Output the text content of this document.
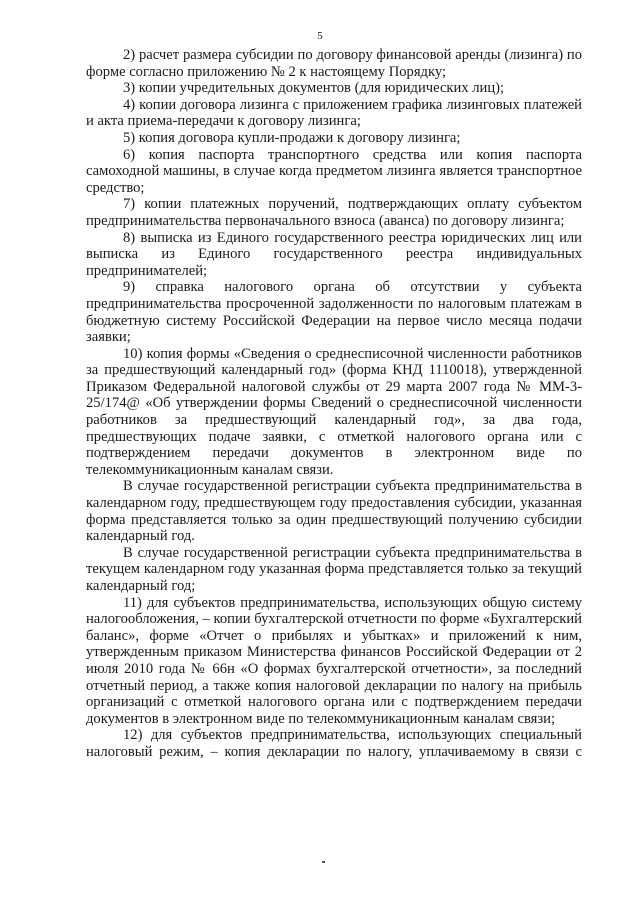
5

2) расчет размера субсидии по договору финансовой аренды (лизинга) по форме согласно приложению № 2 к настоящему Порядку;

3) копии учредительных документов (для юридических лиц);

4) копии договора лизинга с приложением графика лизинговых платежей и акта приема-передачи к договору лизинга;

5) копия договора купли-продажи к договору лизинга;

6) копия паспорта транспортного средства или копия паспорта самоходной машины, в случае когда предметом лизинга является транспортное средство;

7) копии платежных поручений, подтверждающих оплату субъектом предпринимательства первоначального взноса (аванса) по договору лизинга;

8) выписка из Единого государственного реестра юридических лиц или выписка из Единого государственного реестра индивидуальных предпринимателей;

9) справка налогового органа об отсутствии у субъекта предпринимательства просроченной задолженности по налоговым платежам в бюджетную систему Российской Федерации на первое число месяца подачи заявки;

10) копия формы «Сведения о среднесписочной численности работников за предшествующий календарный год» (форма КНД 1110018), утвержденной Приказом Федеральной налоговой службы от 29 марта 2007 года № ММ-3-25/174@ «Об утверждении формы Сведений о среднесписочной численности работников за предшествующий календарный год», за два года, предшествующих подаче заявки, с отметкой налогового органа или с подтверждением передачи документов в электронном виде по телекоммуникационным каналам связи.

В случае государственной регистрации субъекта предпринимательства в календарном году, предшествующем году предоставления субсидии, указанная форма представляется только за один предшествующий получению субсидии календарный год.

В случае государственной регистрации субъекта предпринимательства в текущем календарном году указанная форма представляется только за текущий календарный год;

11) для субъектов предпринимательства, использующих общую систему налогообложения, – копии бухгалтерской отчетности по форме «Бухгалтерский баланс», форме «Отчет о прибылях и убытках» и приложений к ним, утвержденным приказом Министерства финансов Российской Федерации от 2 июля 2010 года № 66н «О формах бухгалтерской отчетности», за последний отчетный период, а также копия налоговой декларации по налогу на прибыль организаций с отметкой налогового органа или с подтверждением передачи документов в электронном виде по телекоммуникационным каналам связи;

12) для субъектов предпринимательства, использующих специальный налоговый режим, – копия декларации по налогу, уплачиваемому в связи с
